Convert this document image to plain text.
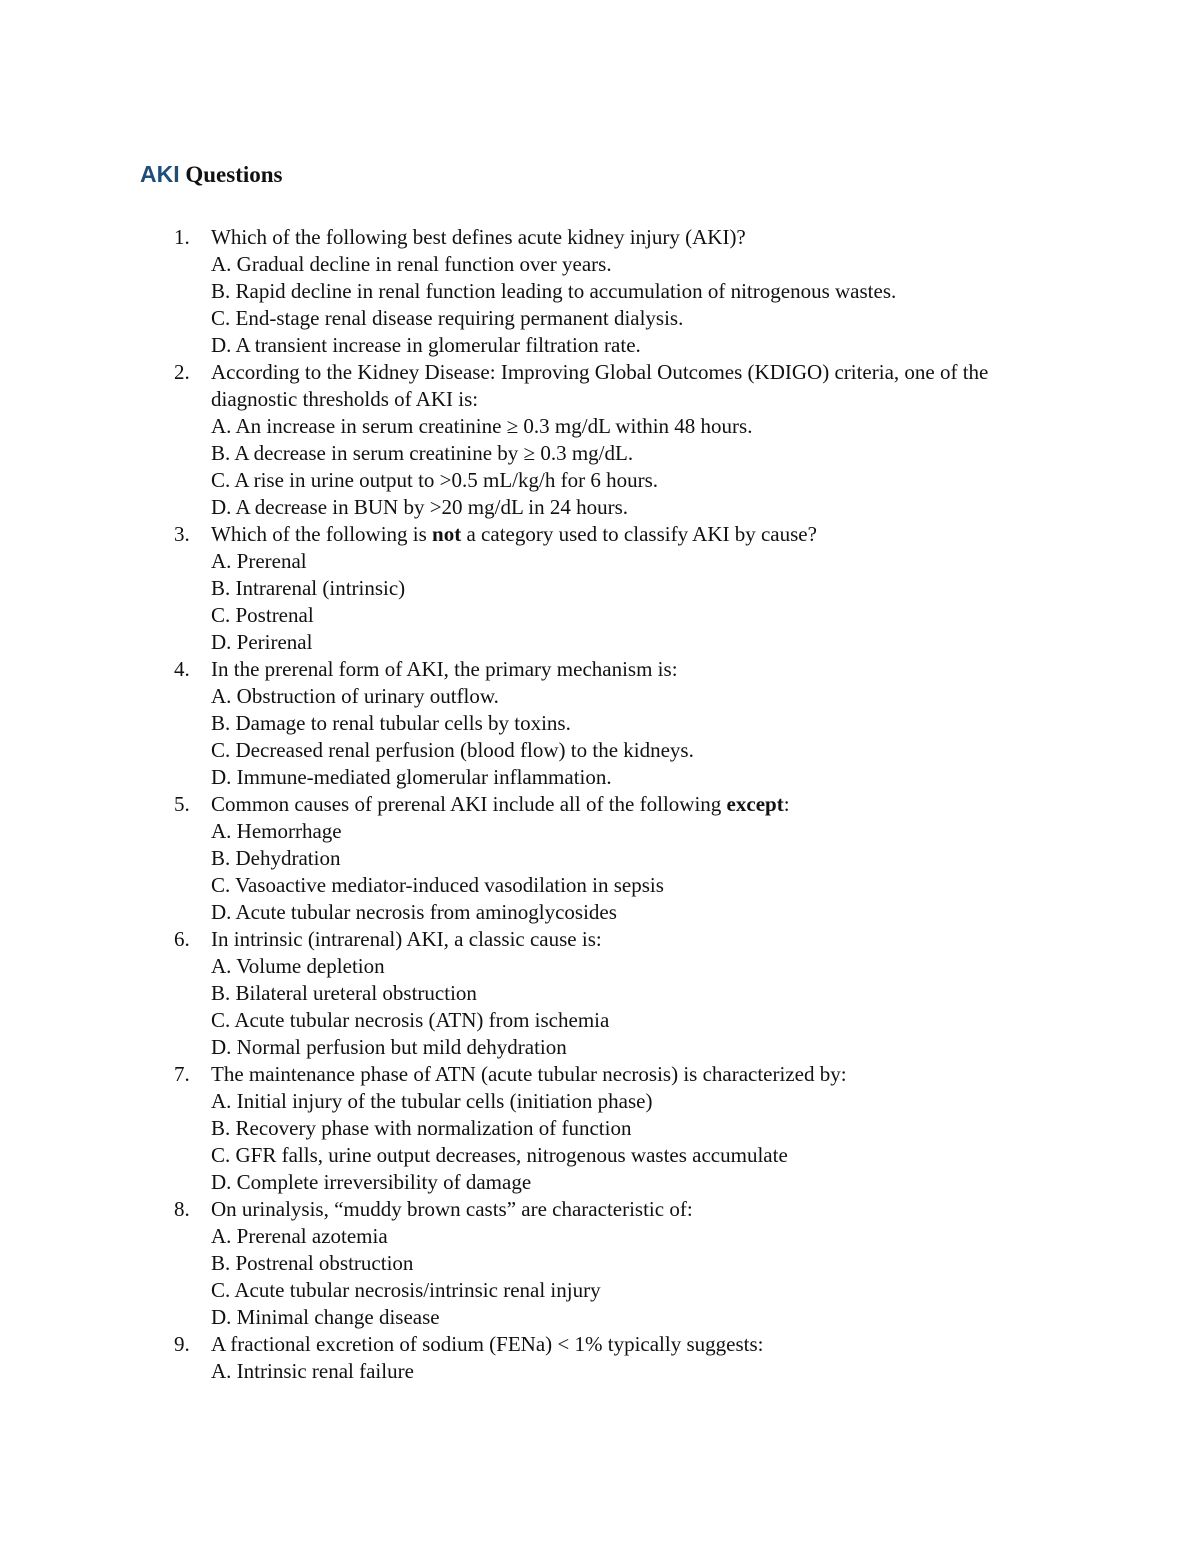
AKI Questions
1. Which of the following best defines acute kidney injury (AKI)?
A. Gradual decline in renal function over years.
B. Rapid decline in renal function leading to accumulation of nitrogenous wastes.
C. End-stage renal disease requiring permanent dialysis.
D. A transient increase in glomerular filtration rate.
2. According to the Kidney Disease: Improving Global Outcomes (KDIGO) criteria, one of the diagnostic thresholds of AKI is:
A. An increase in serum creatinine ≥ 0.3 mg/dL within 48 hours.
B. A decrease in serum creatinine by ≥ 0.3 mg/dL.
C. A rise in urine output to >0.5 mL/kg/h for 6 hours.
D. A decrease in BUN by >20 mg/dL in 24 hours.
3. Which of the following is not a category used to classify AKI by cause?
A. Prerenal
B. Intrarenal (intrinsic)
C. Postrenal
D. Perirenal
4. In the prerenal form of AKI, the primary mechanism is:
A. Obstruction of urinary outflow.
B. Damage to renal tubular cells by toxins.
C. Decreased renal perfusion (blood flow) to the kidneys.
D. Immune-mediated glomerular inflammation.
5. Common causes of prerenal AKI include all of the following except:
A. Hemorrhage
B. Dehydration
C. Vasoactive mediator-induced vasodilation in sepsis
D. Acute tubular necrosis from aminoglycosides
6. In intrinsic (intrarenal) AKI, a classic cause is:
A. Volume depletion
B. Bilateral ureteral obstruction
C. Acute tubular necrosis (ATN) from ischemia
D. Normal perfusion but mild dehydration
7. The maintenance phase of ATN (acute tubular necrosis) is characterized by:
A. Initial injury of the tubular cells (initiation phase)
B. Recovery phase with normalization of function
C. GFR falls, urine output decreases, nitrogenous wastes accumulate
D. Complete irreversibility of damage
8. On urinalysis, “muddy brown casts” are characteristic of:
A. Prerenal azotemia
B. Postrenal obstruction
C. Acute tubular necrosis/intrinsic renal injury
D. Minimal change disease
9. A fractional excretion of sodium (FENa) < 1% typically suggests:
A. Intrinsic renal failure
